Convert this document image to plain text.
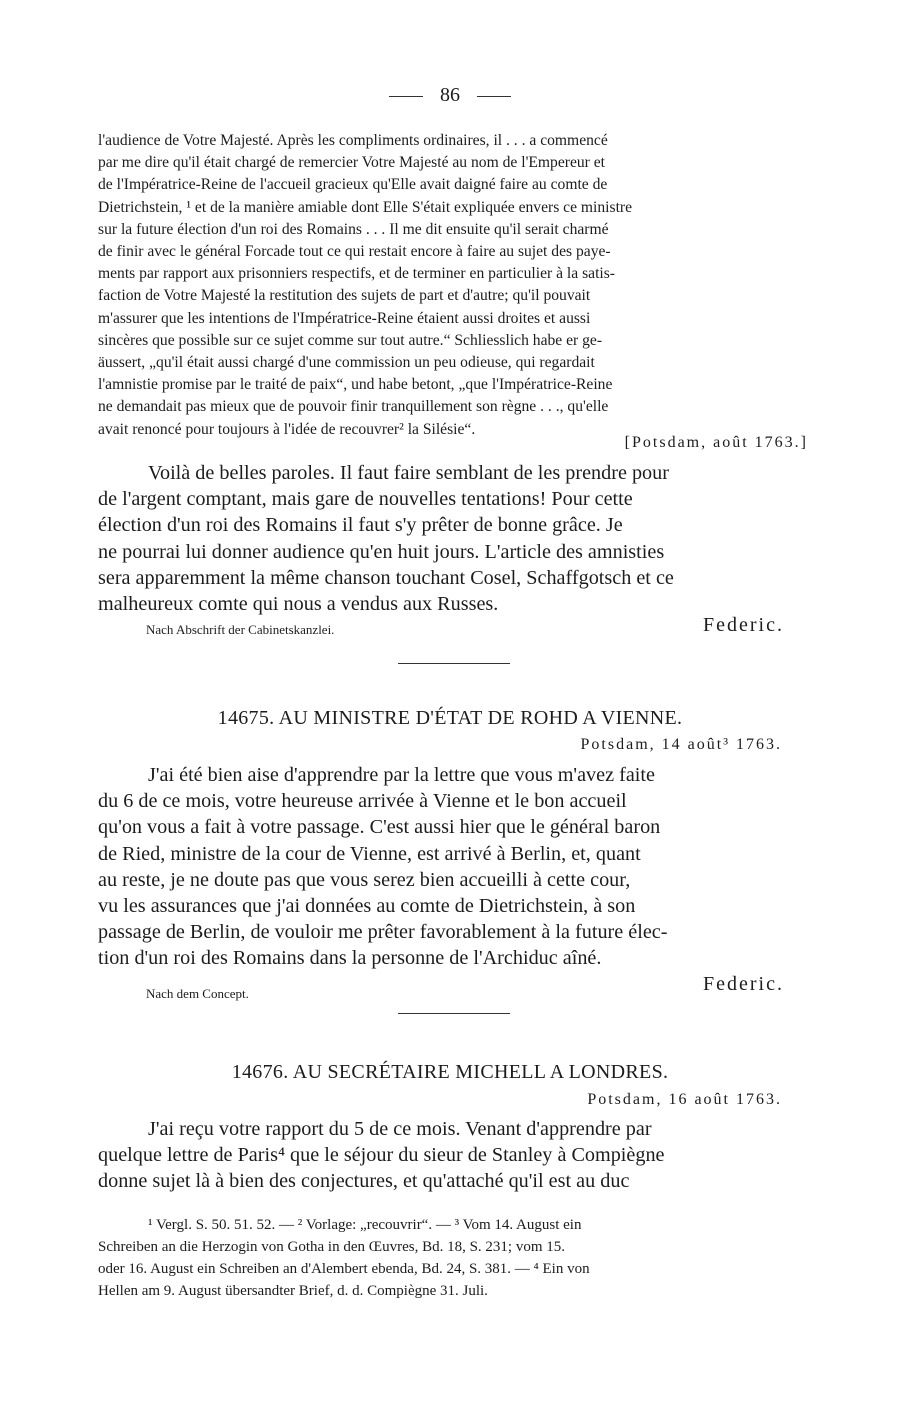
86
l'audience de Votre Majesté. Après les compliments ordinaires, il . . . a commencé
par me dire qu'il était chargé de remercier Votre Majesté au nom de l'Empereur et
de l'Impératrice-Reine de l'accueil gracieux qu'Elle avait daigné faire au comte de
Dietrichstein, ¹ et de la manière amiable dont Elle S'était expliquée envers ce ministre
sur la future élection d'un roi des Romains . . . Il me dit ensuite qu'il serait charmé
de finir avec le général Forcade tout ce qui restait encore à faire au sujet des paye-
ments par rapport aux prisonniers respectifs, et de terminer en particulier à la satis-
faction de Votre Majesté la restitution des sujets de part et d'autre; qu'il pouvait
m'assurer que les intentions de l'Impératrice-Reine étaient aussi droites et aussi
sincères que possible sur ce sujet comme sur tout autre.“ Schliesslich habe er ge-
äussert, „qu'il était aussi chargé d'une commission un peu odieuse, qui regardait
l'amnistie promise par le traité de paix“, und habe betont, „que l'Impératrice-Reine
ne demandait pas mieux que de pouvoir finir tranquillement son règne . . ., qu'elle
avait renoncé pour toujours à l'idée de recouvrer² la Silésie“.
[Potsdam, août 1763.]
Voilà de belles paroles. Il faut faire semblant de les prendre pour
de l'argent comptant, mais gare de nouvelles tentations! Pour cette
élection d'un roi des Romains il faut s'y prêter de bonne grâce. Je
ne pourrai lui donner audience qu'en huit jours. L'article des amnisties
sera apparemment la même chanson touchant Cosel, Schaffgotsch et ce
malheureux comte qui nous a vendus aux Russes.
Nach Abschrift der Cabinetskanzlei.	Federic.
14675. AU MINISTRE D'ÉTAT DE ROHD A VIENNE.
Potsdam, 14 août³ 1763.
J'ai été bien aise d'apprendre par la lettre que vous m'avez faite
du 6 de ce mois, votre heureuse arrivée à Vienne et le bon accueil
qu'on vous a fait à votre passage. C'est aussi hier que le général baron
de Ried, ministre de la cour de Vienne, est arrivé à Berlin, et, quant
au reste, je ne doute pas que vous serez bien accueilli à cette cour,
vu les assurances que j'ai données au comte de Dietrichstein, à son
passage de Berlin, de vouloir me prêter favorablement à la future élec-
tion d'un roi des Romains dans la personne de l'Archiduc aîné.
Nach dem Concept.	Federic.
14676. AU SECRÉTAIRE MICHELL A LONDRES.
Potsdam, 16 août 1763.
J'ai reçu votre rapport du 5 de ce mois. Venant d'apprendre par
quelque lettre de Paris⁴ que le séjour du sieur de Stanley à Compiègne
donne sujet là à bien des conjectures, et qu'attaché qu'il est au duc
¹ Vergl. S. 50. 51. 52. — ² Vorlage: „recouvrir“. — ³ Vom 14. August ein
Schreiben an die Herzogin von Gotha in den Œuvres, Bd. 18, S. 231; vom 15.
oder 16. August ein Schreiben an d'Alembert ebenda, Bd. 24, S. 381. — ⁴ Ein von
Hellen am 9. August übersandter Brief, d. d. Compiègne 31. Juli.
